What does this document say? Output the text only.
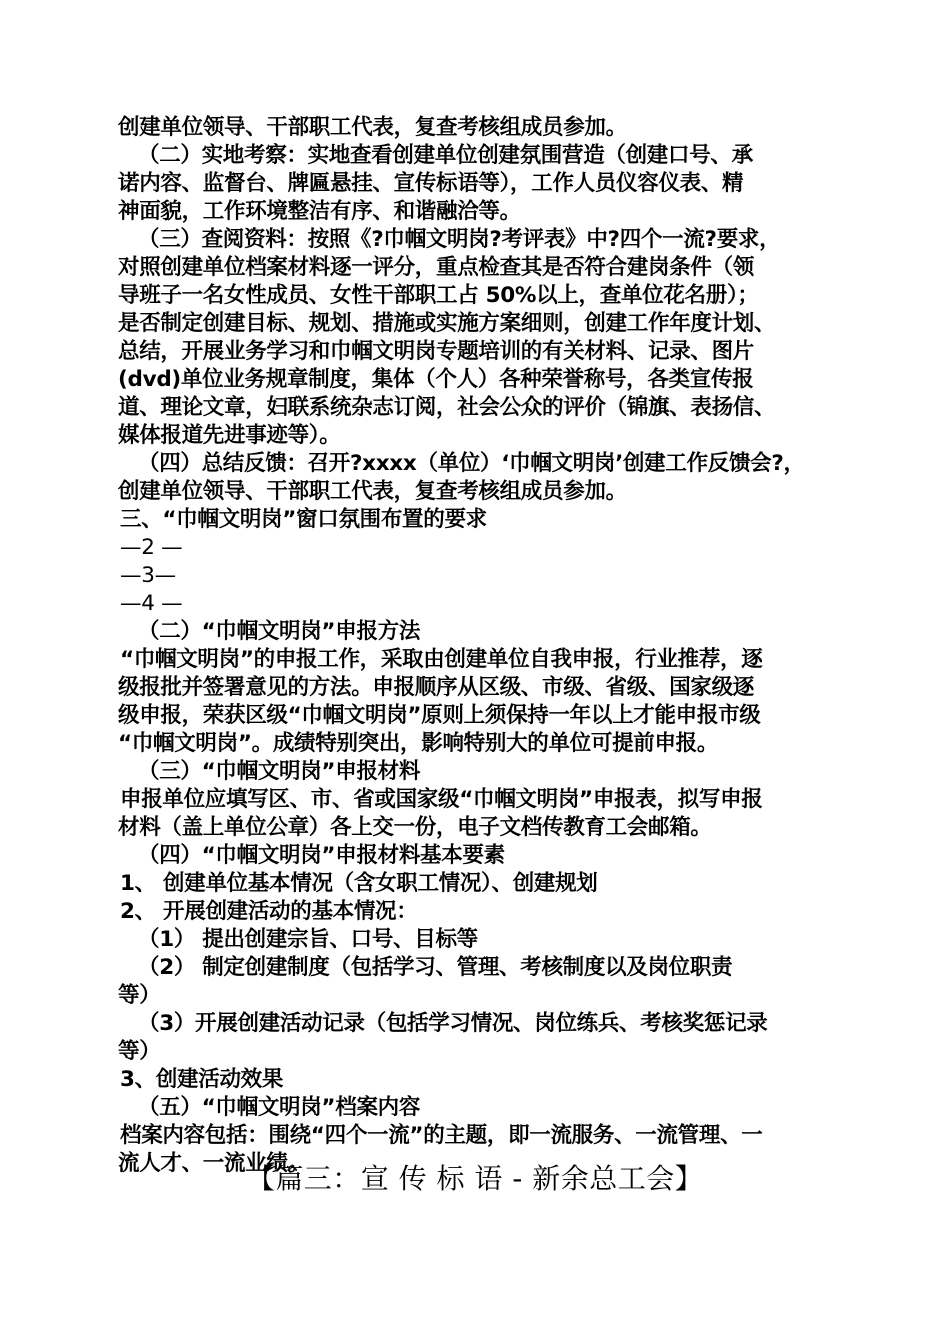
创建单位领导、干部职工代表，复查考核组成员参加。
（二）实地考察：实地查看创建单位创建氛围营造（创建口号、承
诺内容、监督台、牌匾悬挂、宣传标语等），工作人员仪容仪表、精
神面貌，工作环境整洁有序、和谐融洽等。
（三）查阅资料：按照《?巾帼文明岗?考评表》中?四个一流?要求，
对照创建单位档案材料逐一评分，重点检查其是否符合建岗条件（领
导班子一名女性成员、女性干部职工占 50%以上，查单位花名册）；
是否制定创建目标、规划、措施或实施方案细则，创建工作年度计划、
总结，开展业务学习和巾帼文明岗专题培训的有关材料、记录、图片
(dvd)单位业务规章制度，集体（个人）各种荣誉称号，各类宣传报
道、理论文章，妇联系统杂志订阅，社会公众的评价（锦旗、表扬信、
媒体报道先进事迹等）。
（四）总结反馈：召开?xxxx（单位）‘巾帼文明岗’创建工作反馈会?，
创建单位领导、干部职工代表，复查考核组成员参加。
三、“巾帼文明岗”窗口氛围布置的要求
—2 —
—3—
—4 —
（二）“巾帼文明岗”申报方法
“巾帼文明岗”的申报工作，采取由创建单位自我申报，行业推荐，逐
级报批并签署意见的方法。申报顺序从区级、市级、省级、国家级逐
级申报，荣获区级“巾帼文明岗”原则上须保持一年以上才能申报市级
“巾帼文明岗”。成绩特别突出，影响特别大的单位可提前申报。
（三）“巾帼文明岗”申报材料
申报单位应填写区、市、省或国家级“巾帼文明岗”申报表，拟写申报
材料（盖上单位公章）各上交一份，电子文档传教育工会邮箱。
（四）“巾帼文明岗”申报材料基本要素
1、 创建单位基本情况（含女职工情况）、创建规划
2、 开展创建活动的基本情况：
（1） 提出创建宗旨、口号、目标等
（2） 制定创建制度（包括学习、管理、考核制度以及岗位职责
等）
（3）开展创建活动记录（包括学习情况、岗位练兵、考核奖惩记录
等）
3、创建活动效果
（五）“巾帼文明岗”档案内容
档案内容包括：围绕“四个一流”的主题，即一流服务、一流管理、一
流人才、一流业绩。
【篇三：宣 传 标 语 - 新余总工会】
